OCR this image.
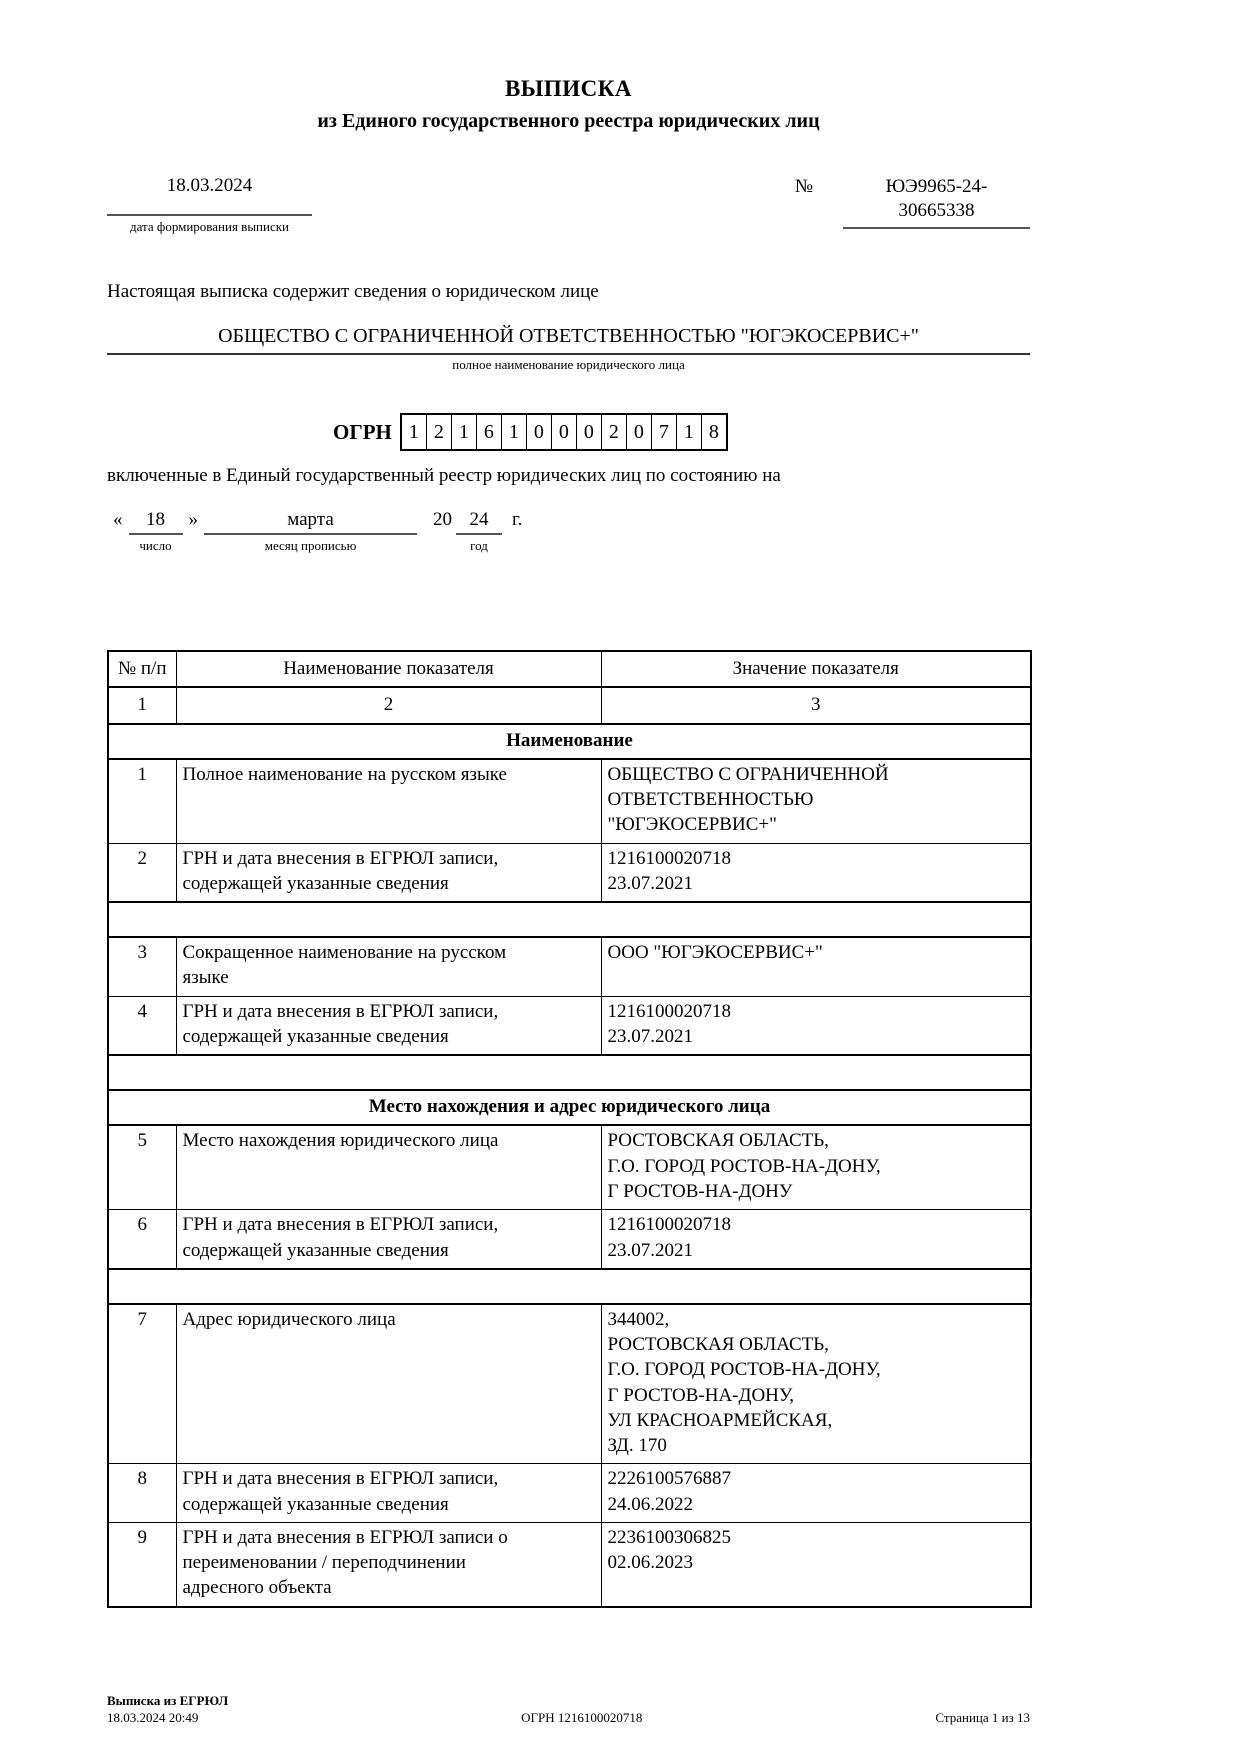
ВЫПИСКА
из Единого государственного реестра юридических лиц
18.03.2024
дата формирования выписки
№	ЮЭ9965-24-
30665338
Настоящая выписка содержит сведения о юридическом лице
ОБЩЕСТВО С ОГРАНИЧЕННОЙ ОТВЕТСТВЕННОСТЬЮ "ЮГЭКОСЕРВИС+"
полное наименование юридического лица
ОГРН 1 2 1 6 1 0 0 0 2 0 7 1 8
включенные в Единый государственный реестр юридических лиц по состоянию на
«	18
число
»	марта
месяц прописью
20 24
год
г.
№ п/п	Наименование показателя	Значение показателя
1	2	3
Наименование		
1	Полное наименование на русском языке	ОБЩЕСТВО С ОГРАНИЧЕННОЙ
ОТВЕТСТВЕННОСТЬЮ
"ЮГЭКОСЕРВИС+"
2	ГРН и дата внесения в ЕГРЮЛ записи,
содержащей указанные сведения	1216100020718
23.07.2021

3	Сокращенное наименование на русском
языке	ООО "ЮГЭКОСЕРВИС+"
4	ГРН и дата внесения в ЕГРЮЛ записи,
содержащей указанные сведения	1216100020718
23.07.2021

Место нахождения и адрес юридического лица		
5	Место нахождения юридического лица	РОСТОВСКАЯ ОБЛАСТЬ,
Г.О. ГОРОД РОСТОВ-НА-ДОНУ,
Г РОСТОВ-НА-ДОНУ
6	ГРН и дата внесения в ЕГРЮЛ записи,
содержащей указанные сведения	1216100020718
23.07.2021

7	Адрес юридического лица	344002,
РОСТОВСКАЯ ОБЛАСТЬ,
Г.О. ГОРОД РОСТОВ-НА-ДОНУ,
Г РОСТОВ-НА-ДОНУ,
УЛ КРАСНОАРМЕЙСКАЯ,
ЗД. 170
8	ГРН и дата внесения в ЕГРЮЛ записи,
содержащей указанные сведения	2226100576887
24.06.2022
9	ГРН и дата внесения в ЕГРЮЛ записи о
переименовании / переподчинении
адресного объекта	2236100306825
02.06.2023
Выписка из ЕГРЮЛ
18.03.2024 20:49	ОГРН 1216100020718	Страница 1 из 13
